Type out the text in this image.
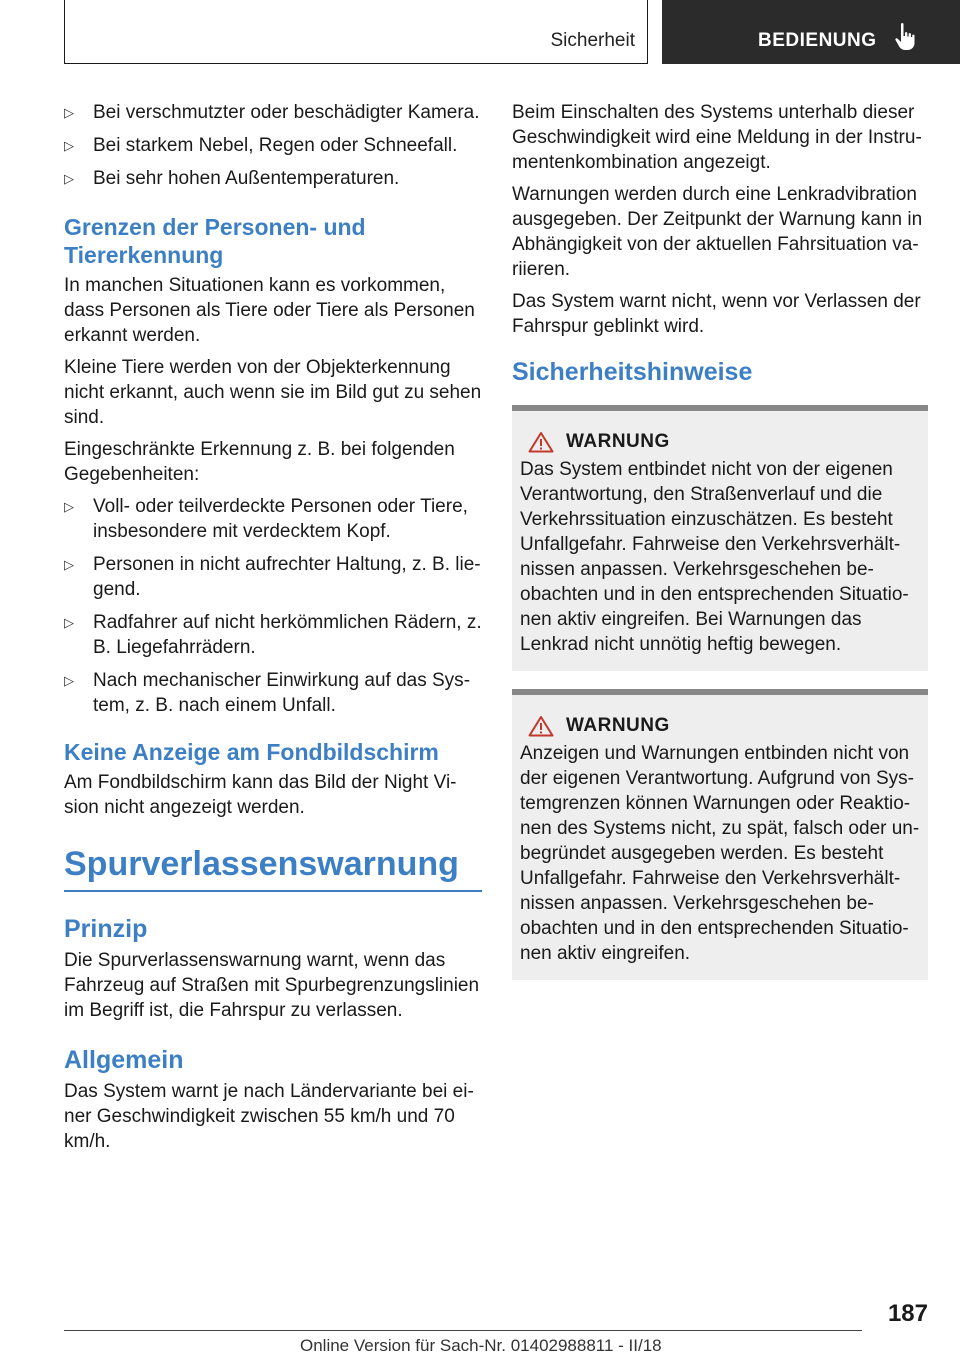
Sicherheit	BEDIENUNG
▷ Bei verschmutzter oder beschädigter Kamera.
▷ Bei starkem Nebel, Regen oder Schneefall.
▷ Bei sehr hohen Außentemperaturen.
Grenzen der Personen- und Tiererkennung

In manchen Situationen kann es vorkommen, dass Personen als Tiere oder Tiere als Personen erkannt werden.

Kleine Tiere werden von der Objekterkennung nicht erkannt, auch wenn sie im Bild gut zu sehen sind.

Eingeschränkte Erkennung z. B. bei folgenden Gegebenheiten:

▷ Voll- oder teilverdeckte Personen oder Tiere, insbesondere mit verdecktem Kopf.
▷ Personen in nicht aufrechter Haltung, z. B. liegend.
▷ Radfahrer auf nicht herkömmlichen Rädern, z. B. Liegefahrrädern.
▷ Nach mechanischer Einwirkung auf das System, z. B. nach einem Unfall.
Keine Anzeige am Fondbildschirm

Am Fondbildschirm kann das Bild der Night Vision nicht angezeigt werden.

Spurverlassenswarnung
Prinzip

Die Spurverlassenswarnung warnt, wenn das Fahrzeug auf Straßen mit Spurbegrenzungslinien im Begriff ist, die Fahrspur zu verlassen.

Allgemein

Das System warnt je nach Ländervariante bei einer Geschwindigkeit zwischen 55 km/h und 70 km/h.

Beim Einschalten des Systems unterhalb dieser Geschwindigkeit wird eine Meldung in der Instrumentenkombination angezeigt.

Warnungen werden durch eine Lenkradvibration ausgegeben. Der Zeitpunkt der Warnung kann in Abhängigkeit von der aktuellen Fahrsituation variieren.

Das System warnt nicht, wenn vor Verlassen der Fahrspur geblinkt wird.

Sicherheitshinweise
WARNUNG

Das System entbindet nicht von der eigenen Verantwortung, den Straßenverlauf und die Verkehrssituation einzuschätzen. Es besteht Unfallgefahr. Fahrweise den Verkehrsverhältnissen anpassen. Verkehrsgeschehen beobachten und in den entsprechenden Situationen aktiv eingreifen. Bei Warnungen das Lenkrad nicht unnötig heftig bewegen.

WARNUNG

Anzeigen und Warnungen entbinden nicht von der eigenen Verantwortung. Aufgrund von Systemgrenzen können Warnungen oder Reaktionen des Systems nicht, zu spät, falsch oder unbegründet ausgegeben werden. Es besteht Unfallgefahr. Fahrweise den Verkehrsverhältnissen anpassen. Verkehrsgeschehen beobachten und in den entsprechenden Situationen aktiv eingreifen.

187
Online Version für Sach-Nr. 01402988811 - II/18
